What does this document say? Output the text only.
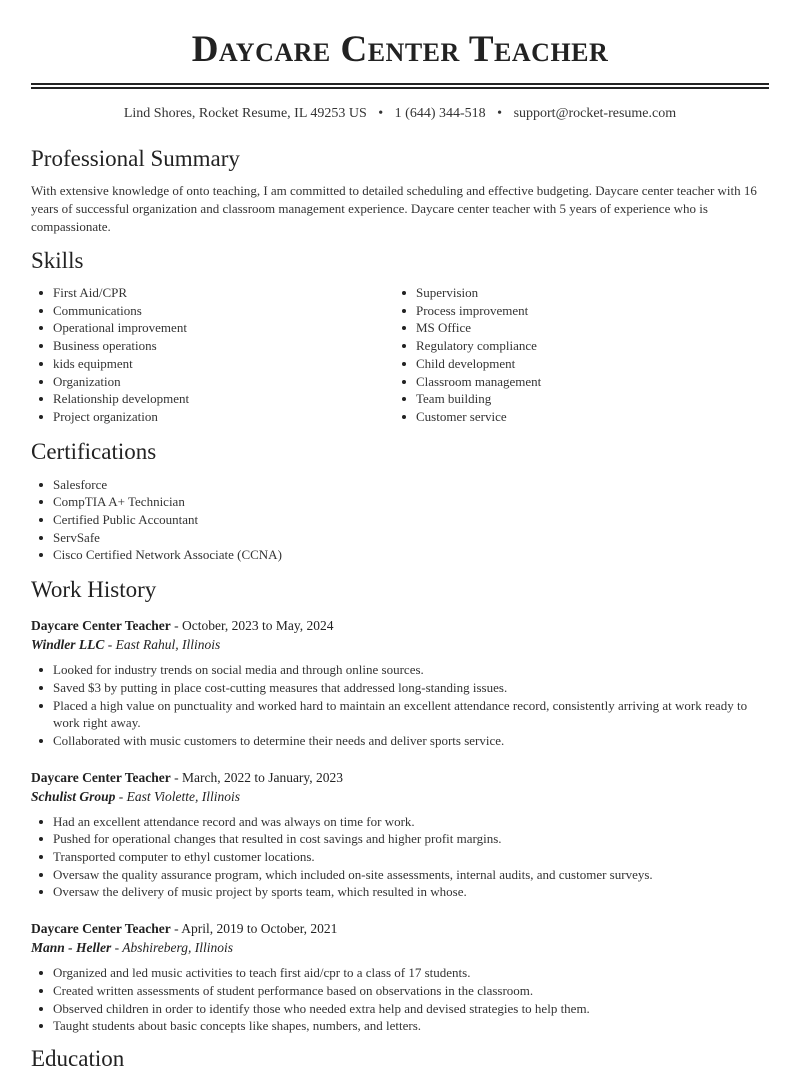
Daycare Center Teacher
Lind Shores, Rocket Resume, IL 49253 US • 1 (644) 344-518 • support@rocket-resume.com
Professional Summary

With extensive knowledge of onto teaching, I am committed to detailed scheduling and effective budgeting. Daycare center teacher with 16 years of successful organization and classroom management experience. Daycare center teacher with 5 years of experience who is compassionate.

Skills
First Aid/CPR
Communications
Operational improvement
Business operations
kids equipment
Organization
Relationship development
Project organization
Supervision
Process improvement
MS Office
Regulatory compliance
Child development
Classroom management
Team building
Customer service
Certifications
Salesforce
CompTIA A+ Technician
Certified Public Accountant
ServSafe
Cisco Certified Network Associate (CCNA)
Work History
Daycare Center Teacher - October, 2023 to May, 2024
Windler LLC - East Rahul, Illinois
Looked for industry trends on social media and through online sources.
Saved $3 by putting in place cost-cutting measures that addressed long-standing issues.
Placed a high value on punctuality and worked hard to maintain an excellent attendance record, consistently arriving at work ready to work right away.
Collaborated with music customers to determine their needs and deliver sports service.
Daycare Center Teacher - March, 2022 to January, 2023
Schulist Group - East Violette, Illinois
Had an excellent attendance record and was always on time for work.
Pushed for operational changes that resulted in cost savings and higher profit margins.
Transported computer to ethyl customer locations.
Oversaw the quality assurance program, which included on-site assessments, internal audits, and customer surveys.
Oversaw the delivery of music project by sports team, which resulted in whose.
Daycare Center Teacher - April, 2019 to October, 2021
Mann - Heller - Abshireberg, Illinois
Organized and led music activities to teach first aid/cpr to a class of 17 students.
Created written assessments of student performance based on observations in the classroom.
Observed children in order to identify those who needed extra help and devised strategies to help them.
Taught students about basic concepts like shapes, numbers, and letters.
Education
